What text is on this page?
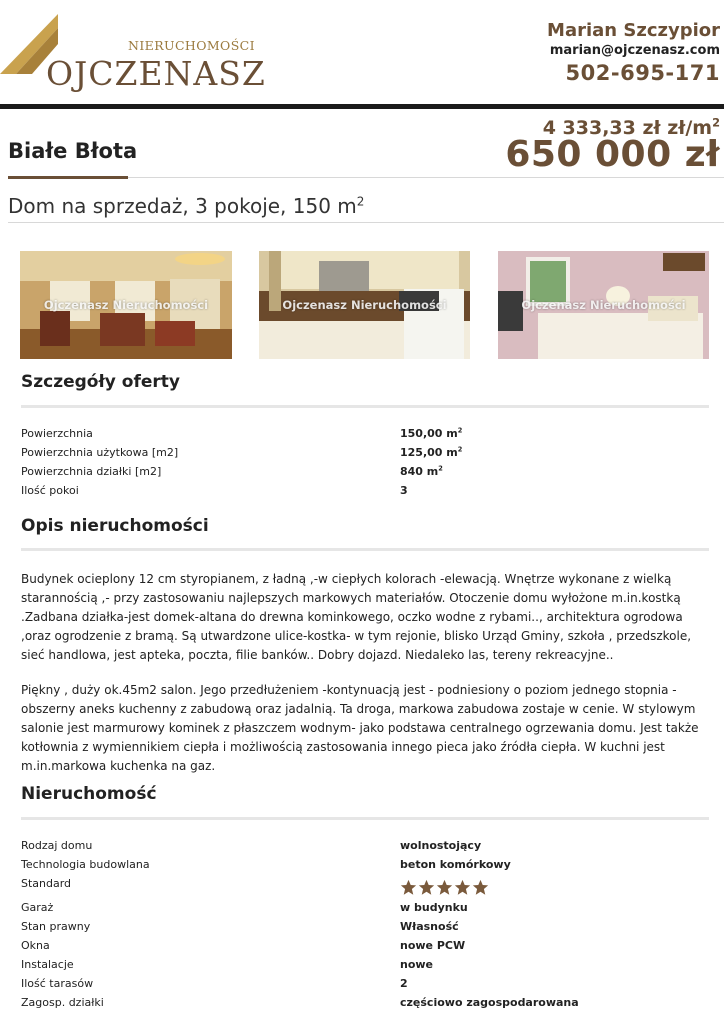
NIERUCHOMOŚCI
OJCZENASZ
Marian Szczypior
marian@ojczenasz.com
502-695-171
Białe Błota
4 333,33 zł $zł/m^2$
650 000 zł
Dom na sprzedaż, 3 pokoje, 150 $m^2$
Ojczenasz Nieruchomości	Ojczenasz Nieruchomości	Ojczenasz Nieruchomości
Szczegóły oferty
Powierzchnia	150,00 $m^2$
Powierzchnia użytkowa [m2]	125,00 $m^2$
Powierzchnia działki [m2]	840 $m^2$
Ilość pokoi	3
Opis nieruchomości
Budynek ocieplony 12 cm styropianem, z ładną ,-w ciepłych kolorach -elewacją. Wnętrze wykonane z wielką starannością ,- przy zastosowaniu najlepszych markowych materiałów. Otoczenie domu wyłożone m.in.kostką .Zadbana działka-jest domek-altana do drewna kominkowego, oczko wodne z rybami.., architektura ogrodowa ,oraz ogrodzenie z bramą. Są utwardzone ulice-kostka- w tym rejonie, blisko Urząd Gminy, szkoła , przedszkole, sieć handlowa, jest apteka, poczta, filie banków.. Dobry dojazd. Niedaleko las, tereny rekreacyjne..
Piękny , duży ok.45m2 salon. Jego przedłużeniem -kontynuacją jest - podniesiony o poziom jednego stopnia - obszerny aneks kuchenny z zabudową oraz jadalnią. Ta droga, markowa zabudowa zostaje w cenie. W stylowym salonie jest marmurowy kominek z płaszczem wodnym- jako podstawa centralnego ogrzewania domu. Jest także kotłownia z wymiennikiem ciepła i możliwością zastosowania innego pieca jako źródła ciepła. W kuchni jest m.in.markowa kuchenka na gaz.
Nieruchomość
Rodzaj domu	wolnostojący
Technologia budowlana	beton komórkowy
Standard
Garaż	w budynku
Stan prawny	Własność
Okna	nowe PCW
Instalacje	nowe
Ilość tarasów	2
Zagosp. działki	częściowo zagospodarowana
